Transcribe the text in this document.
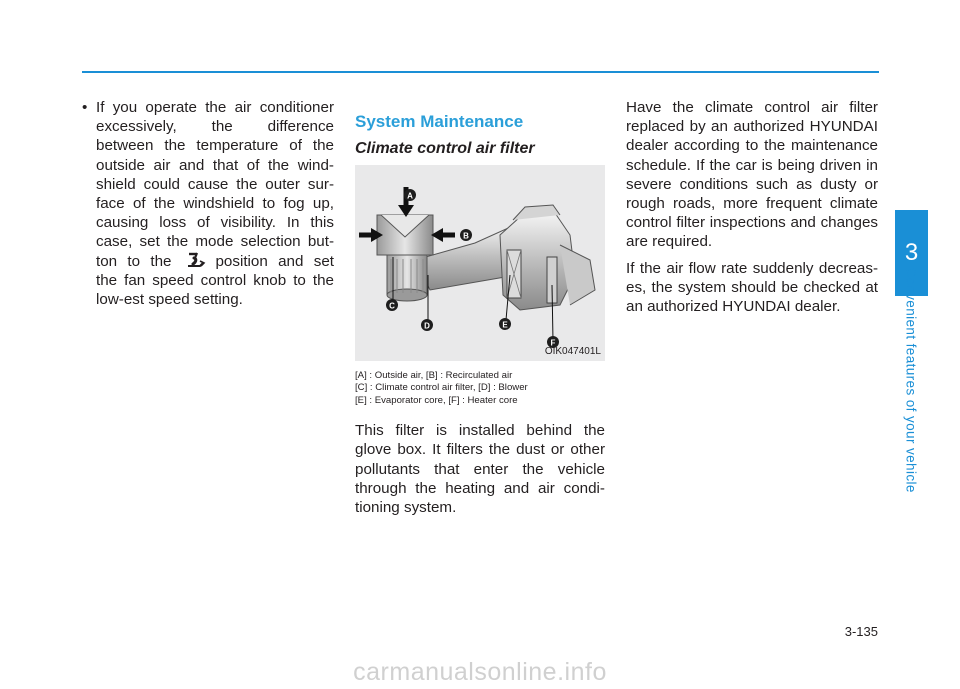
• If you operate the air conditioner excessively, the difference between the temperature of the outside air and that of the wind-shield could cause the outer sur-face of the windshield to fog up, causing loss of visibility. In this case, set the mode selection but-ton to the	position and set the fan speed control knob to the low-est speed setting.

System Maintenance
Climate control air filter
A
B
C
D	E
F
OIK047401L
[A] : Outside air, [B] : Recirculated air
[C] : Climate control air filter, [D] : Blower
[E] : Evaporator core, [F] : Heater core

This filter is installed behind the glove box. It filters the dust or other pollutants that enter the vehicle through the heating and air condi-tioning system.

Have the climate control air filter replaced by an authorized HYUNDAI dealer according to the maintenance schedule. If the car is being driven in severe conditions such as dusty or rough roads, more frequent climate control filter inspections and changes are required.

If the air flow rate suddenly decreas-es, the system should be checked at an authorized HYUNDAI dealer.

3
Convenient features of your vehicle
3-135
carmanualsonline.info
